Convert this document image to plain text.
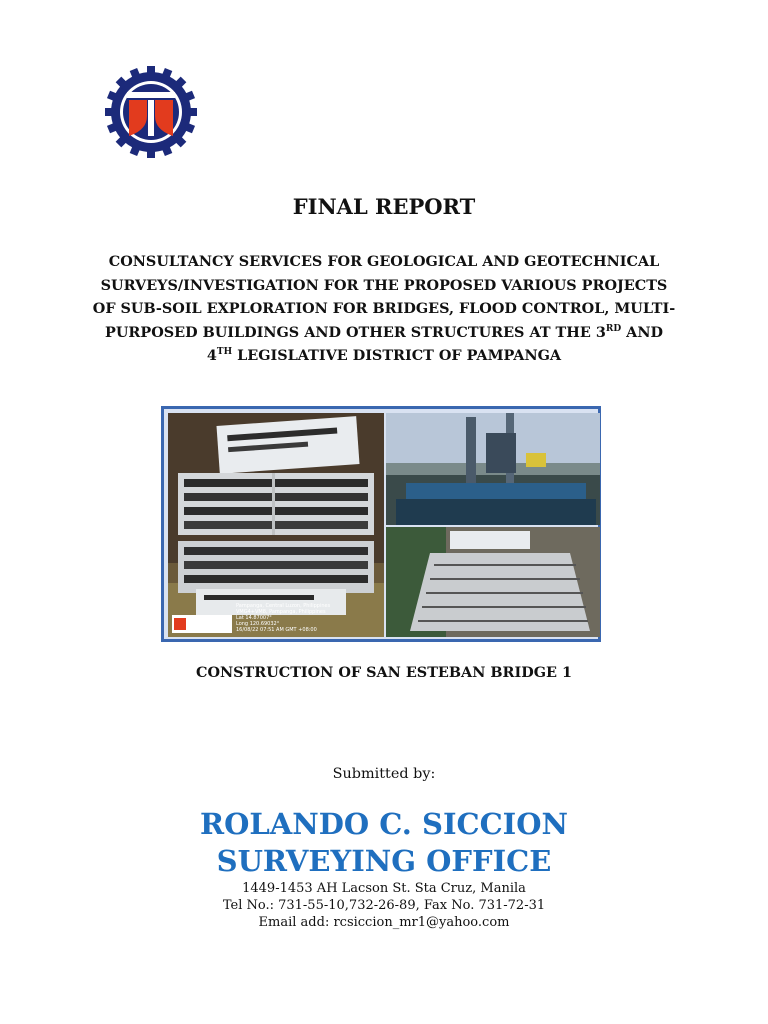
FINAL REPORT

CONSULTANCY SERVICES FOR GEOLOGICAL AND GEOTECHNICAL
SURVEYS/INVESTIGATION FOR THE PROPOSED VARIOUS PROJECTS
OF SUB-SOIL EXPLORATION FOR BRIDGES, FLOOD CONTROL, MULTI-
PURPOSED BUILDINGS AND OTHER STRUCTURES AT THE 3RD AND
4TH LEGISLATIVE DISTRICT OF PAMPANGA

Pampanga, Central Luzon, Philippines
VMG4+VM8, Pampanga, Philippines
Lat 14.87007°
Long 120.69032°
16/08/22 07:51 AM GMT +08:00

CONSTRUCTION OF SAN ESTEBAN BRIDGE 1

Submitted by:

ROLANDO C. SICCION
SURVEYING OFFICE

1449-1453 AH Lacson St. Sta Cruz, Manila
Tel No.: 731-55-10,732-26-89, Fax No. 731-72-31
Email add: rcsiccion_mr1@yahoo.com
